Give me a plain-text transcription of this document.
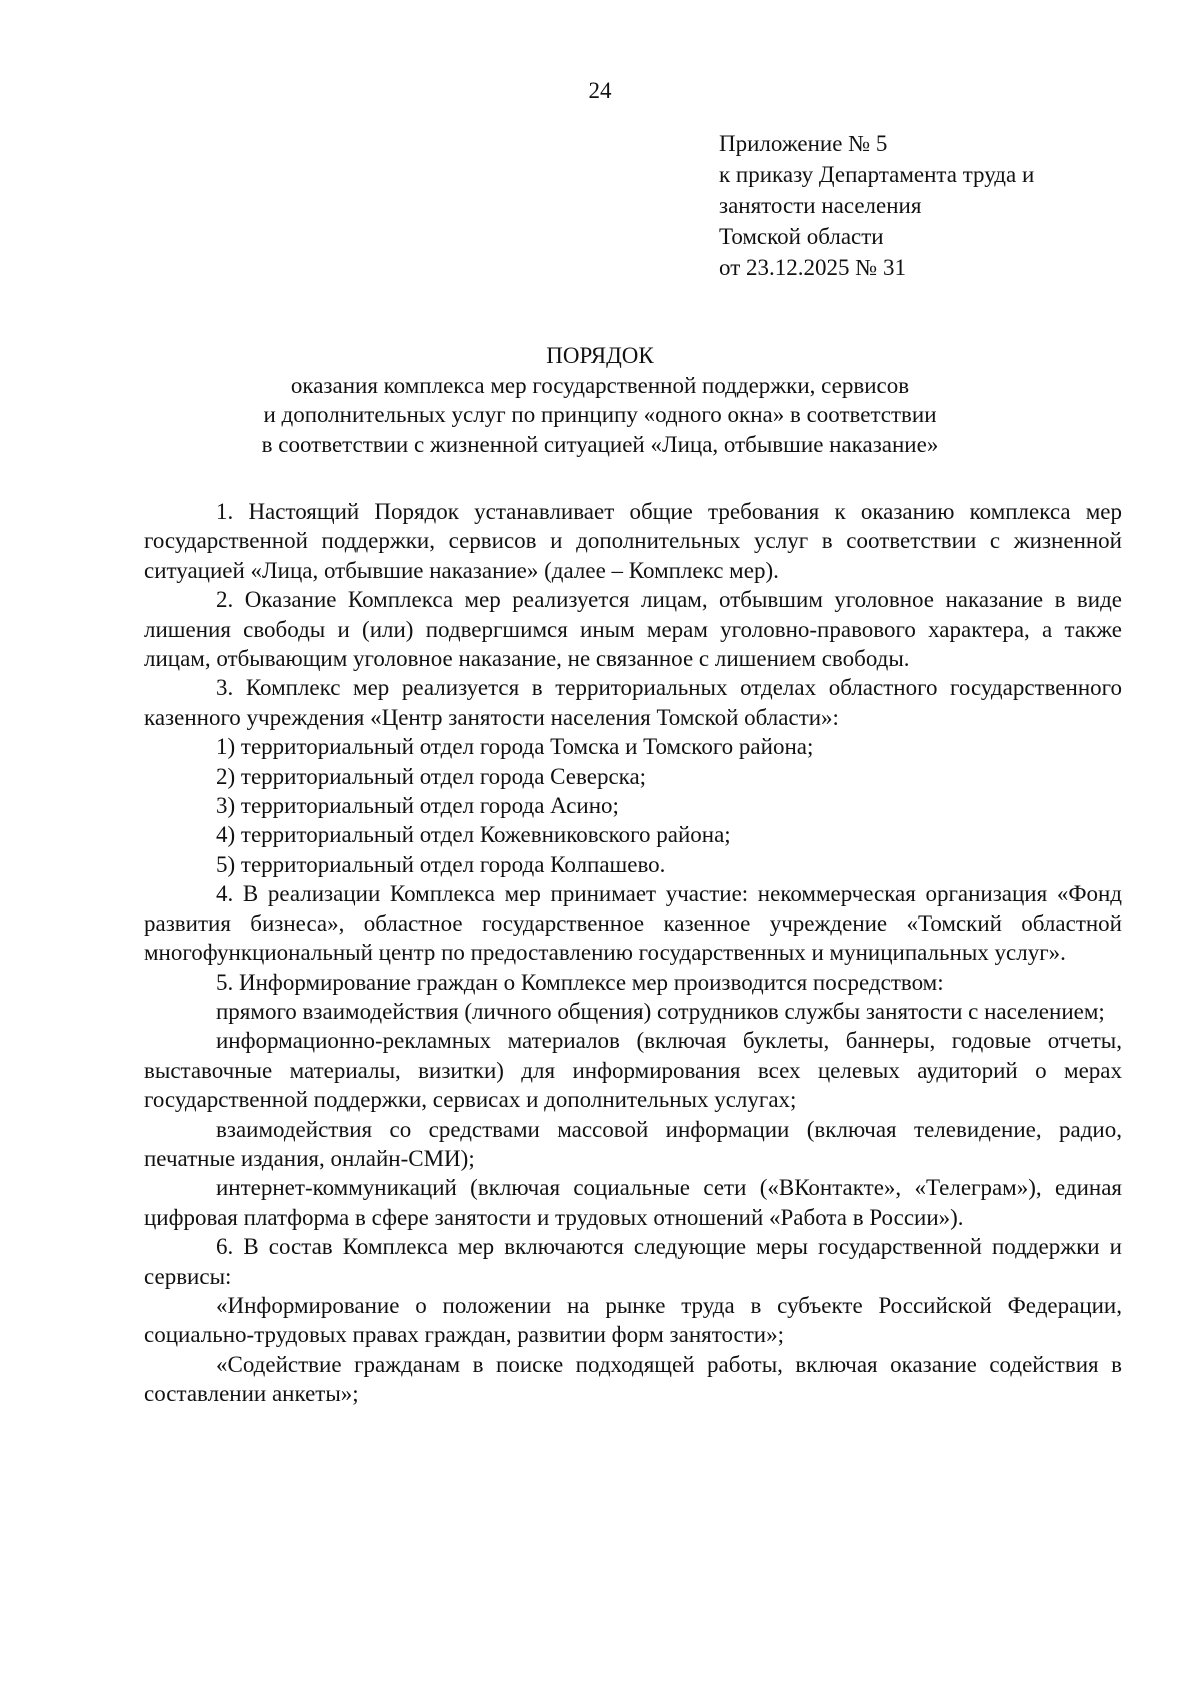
24
Приложение № 5
к приказу Департамента труда и
занятости населения
Томской области
от 23.12.2025 № 31
ПОРЯДОК
оказания комплекса мер государственной поддержки, сервисов
и дополнительных услуг по принципу «одного окна» в соответствии
в соответствии с жизненной ситуацией «Лица, отбывшие наказание»

1. Настоящий Порядок устанавливает общие требования к оказанию комплекса мер государственной поддержки, сервисов и дополнительных услуг в соответствии с жизненной ситуацией «Лица, отбывшие наказание» (далее – Комплекс мер).

2. Оказание Комплекса мер реализуется лицам, отбывшим уголовное наказание в виде лишения свободы и (или) подвергшимся иным мерам уголовно-правового характера, а также лицам, отбывающим уголовное наказание, не связанное с лишением свободы.

3. Комплекс мер реализуется в территориальных отделах областного государственного казенного учреждения «Центр занятости населения Томской области»:

1) территориальный отдел города Томска и Томского района;

2) территориальный отдел города Северска;

3) территориальный отдел города Асино;

4) территориальный отдел Кожевниковского района;

5) территориальный отдел города Колпашево.

4. В реализации Комплекса мер принимает участие: некоммерческая организация «Фонд развития бизнеса», областное государственное казенное учреждение «Томский областной многофункциональный центр по предоставлению государственных и муниципальных услуг».

5. Информирование граждан о Комплексе мер производится посредством:

прямого взаимодействия (личного общения) сотрудников службы занятости с населением;

информационно-рекламных материалов (включая буклеты, баннеры, годовые отчеты, выставочные материалы, визитки) для информирования всех целевых аудиторий о мерах государственной поддержки, сервисах и дополнительных услугах;

взаимодействия со средствами массовой информации (включая телевидение, радио, печатные издания, онлайн-СМИ);

интернет-коммуникаций (включая социальные сети («ВКонтакте», «Телеграм»), единая цифровая платформа в сфере занятости и трудовых отношений «Работа в России»).

6. В состав Комплекса мер включаются следующие меры государственной поддержки и сервисы:

«Информирование о положении на рынке труда в субъекте Российской Федерации, социально-трудовых правах граждан, развитии форм занятости»;

«Содействие гражданам в поиске подходящей работы, включая оказание содействия в составлении анкеты»;
